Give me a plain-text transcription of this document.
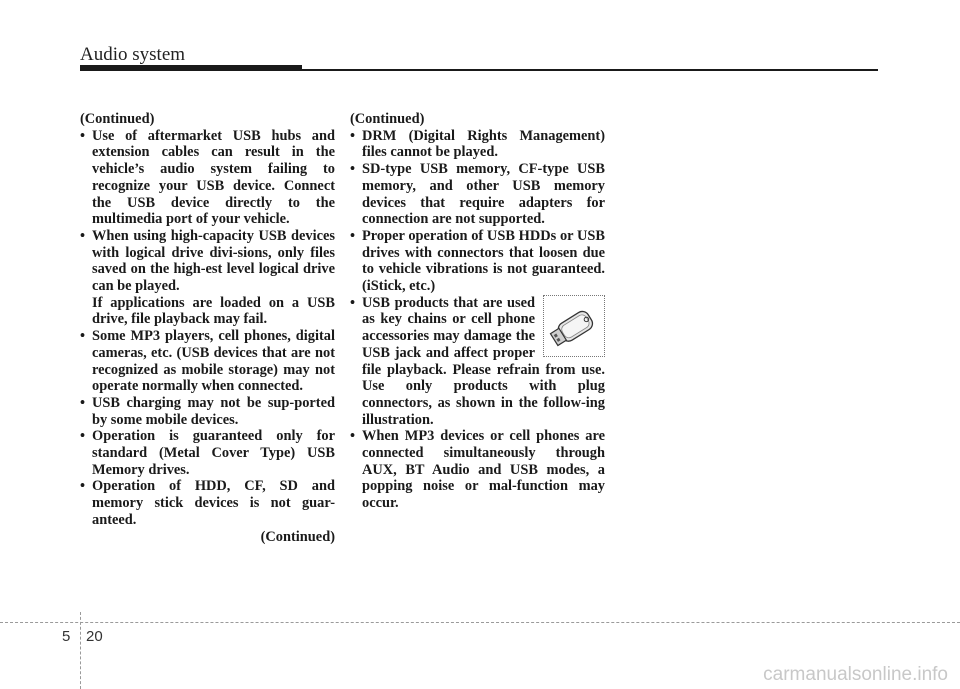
Audio system

(Continued)

• Use of aftermarket USB hubs and extension cables can result in the vehicle’s audio system failing to recognize your USB device. Connect the USB device directly to the multimedia port of your vehicle.
• When using high-capacity USB devices with logical drive divi-sions, only files saved on the high-est level logical drive can be played.
If applications are loaded on a USB drive, file playback may fail.
• Some MP3 players, cell phones, digital cameras, etc. (USB devices that are not recognized as mobile storage) may not operate normally when connected.
• USB charging may not be sup-ported by some mobile devices.
• Operation is guaranteed only for standard (Metal Cover Type) USB Memory drives.
• Operation of HDD, CF, SD and memory stick devices is not guar-anteed.

(Continued)

(Continued)

• DRM (Digital Rights Management) files cannot be played.
• SD-type USB memory, CF-type USB memory, and other USB memory devices that require adapters for connection are not supported.
• Proper operation of USB HDDs or USB drives with connectors that loosen due to vehicle vibrations is not guaranteed. (iStick, etc.)
• USB products that are used as key chains or cell phone accessories may damage the USB jack and affect proper file playback. Please refrain from use. Use only products with plug connectors, as shown in the follow-ing illustration.
• When MP3 devices or cell phones are connected simultaneously through AUX, BT Audio and USB modes, a popping noise or mal-function may occur.
5 20
carmanualsonline.info
